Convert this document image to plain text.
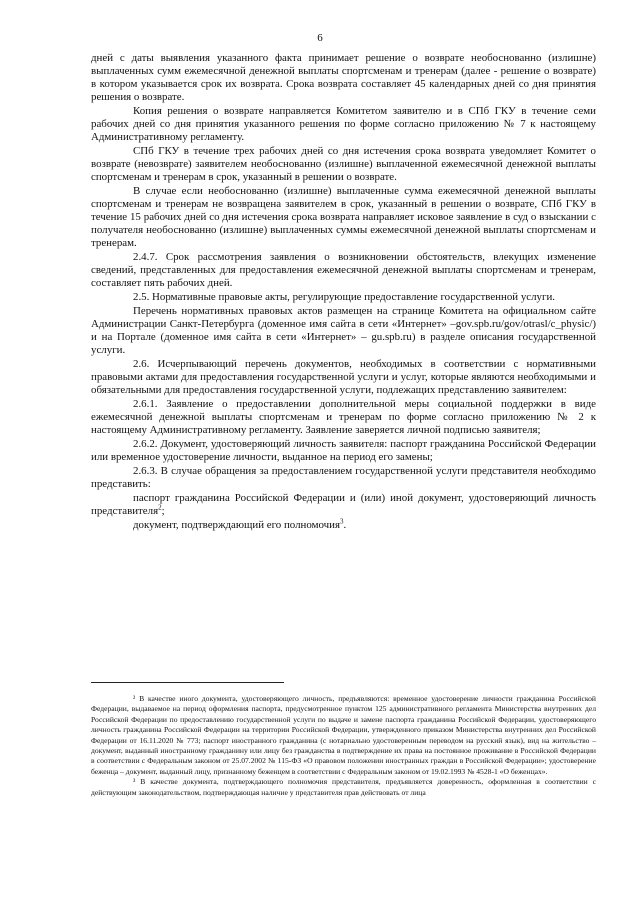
6

дней с даты выявления указанного факта принимает решение о возврате необоснованно (излишне) выплаченных сумм ежемесячной денежной выплаты спортсменам и тренерам (далее - решение о возврате) в котором указывается срок их возврата. Срока возврата составляет 45 календарных дней со дня принятия решения о возврате.

Копия решения о возврате направляется Комитетом заявителю и в СПб ГКУ в течение семи рабочих дней со дня принятия указанного решения по форме согласно приложению № 7 к настоящему Административному регламенту.

СПб ГКУ в течение трех рабочих дней со дня истечения срока возврата уведомляет Комитет о возврате (невозврате) заявителем необоснованно (излишне) выплаченной ежемесячной денежной выплаты спортсменам и тренерам в срок, указанный в решении о возврате.

В случае если необоснованно (излишне) выплаченные сумма ежемесячной денежной выплаты спортсменам и тренерам не возвращена заявителем в срок, указанный в решении о возврате, СПб ГКУ в течение 15 рабочих дней со дня истечения срока возврата направляет исковое заявление в суд о взыскании с получателя необоснованно (излишне) выплаченных суммы ежемесячной денежной выплаты спортсменам и тренерам.

2.4.7. Срок рассмотрения заявления о возникновении обстоятельств, влекущих изменение сведений, представленных для предоставления ежемесячной денежной выплаты спортсменам и тренерам, составляет пять рабочих дней.

2.5. Нормативные правовые акты, регулирующие предоставление государственной услуги.

Перечень нормативных правовых актов размещен на странице Комитета на официальном сайте Администрации Санкт-Петербурга (доменное имя сайта в сети «Интернет» –gov.spb.ru/gov/otrasl/c_physic/) и на Портале (доменное имя сайта в сети «Интернет» – gu.spb.ru) в разделе описания государственной услуги.

2.6. Исчерпывающий перечень документов, необходимых в соответствии с нормативными правовыми актами для предоставления государственной услуги и услуг, которые являются необходимыми и обязательными для предоставления государственной услуги, подлежащих представлению заявителем:

2.6.1. Заявление о предоставлении дополнительной меры социальной поддержки в виде ежемесячной денежной выплаты спортсменам и тренерам по форме согласно приложению № 2 к настоящему Административному регламенту. Заявление заверяется личной подписью заявителя;

2.6.2. Документ, удостоверяющий личность заявителя: паспорт гражданина Российской Федерации или временное удостоверение личности, выданное на период его замены;

2.6.3. В случае обращения за предоставлением государственной услуги представителя необходимо представить:

паспорт гражданина Российской Федерации и (или) иной документ, удостоверяющий личность представителя$^2$;

документ, подтверждающий его полномочия$^3$.

² В качестве иного документа, удостоверяющего личность, предъявляются: временное удостоверение личности гражданина Российской Федерации, выдаваемое на период оформления паспорта, предусмотренное пунктом 125 административного регламента Министерства внутренних дел Российской Федерации по предоставлению государственной услуги по выдаче и замене паспорта гражданина Российской Федерации, удостоверяющего личность гражданина Российской Федерации на территории Российской Федерации, утвержденного приказом Министерства внутренних дел Российской Федерации от 16.11.2020 № 773; паспорт иностранного гражданина (с нотариально удостоверенным переводом на русский язык), вид на жительство – документ, выданный иностранному гражданину или лицу без гражданства в подтверждение их права на постоянное проживание в Российской Федерации в соответствии с Федеральным законом от 25.07.2002 № 115-ФЗ «О правовом положении иностранных граждан в Российской Федерации»; удостоверение беженца – документ, выданный лицу, признанному беженцем в соответствии с Федеральным законом от 19.02.1993 № 4528-1 «О беженцах».

³ В качестве документа, подтверждающего полномочия представителя, предъявляется доверенность, оформленная в соответствии с действующим законодательством, подтверждающая наличие у представителя прав действовать от лица
